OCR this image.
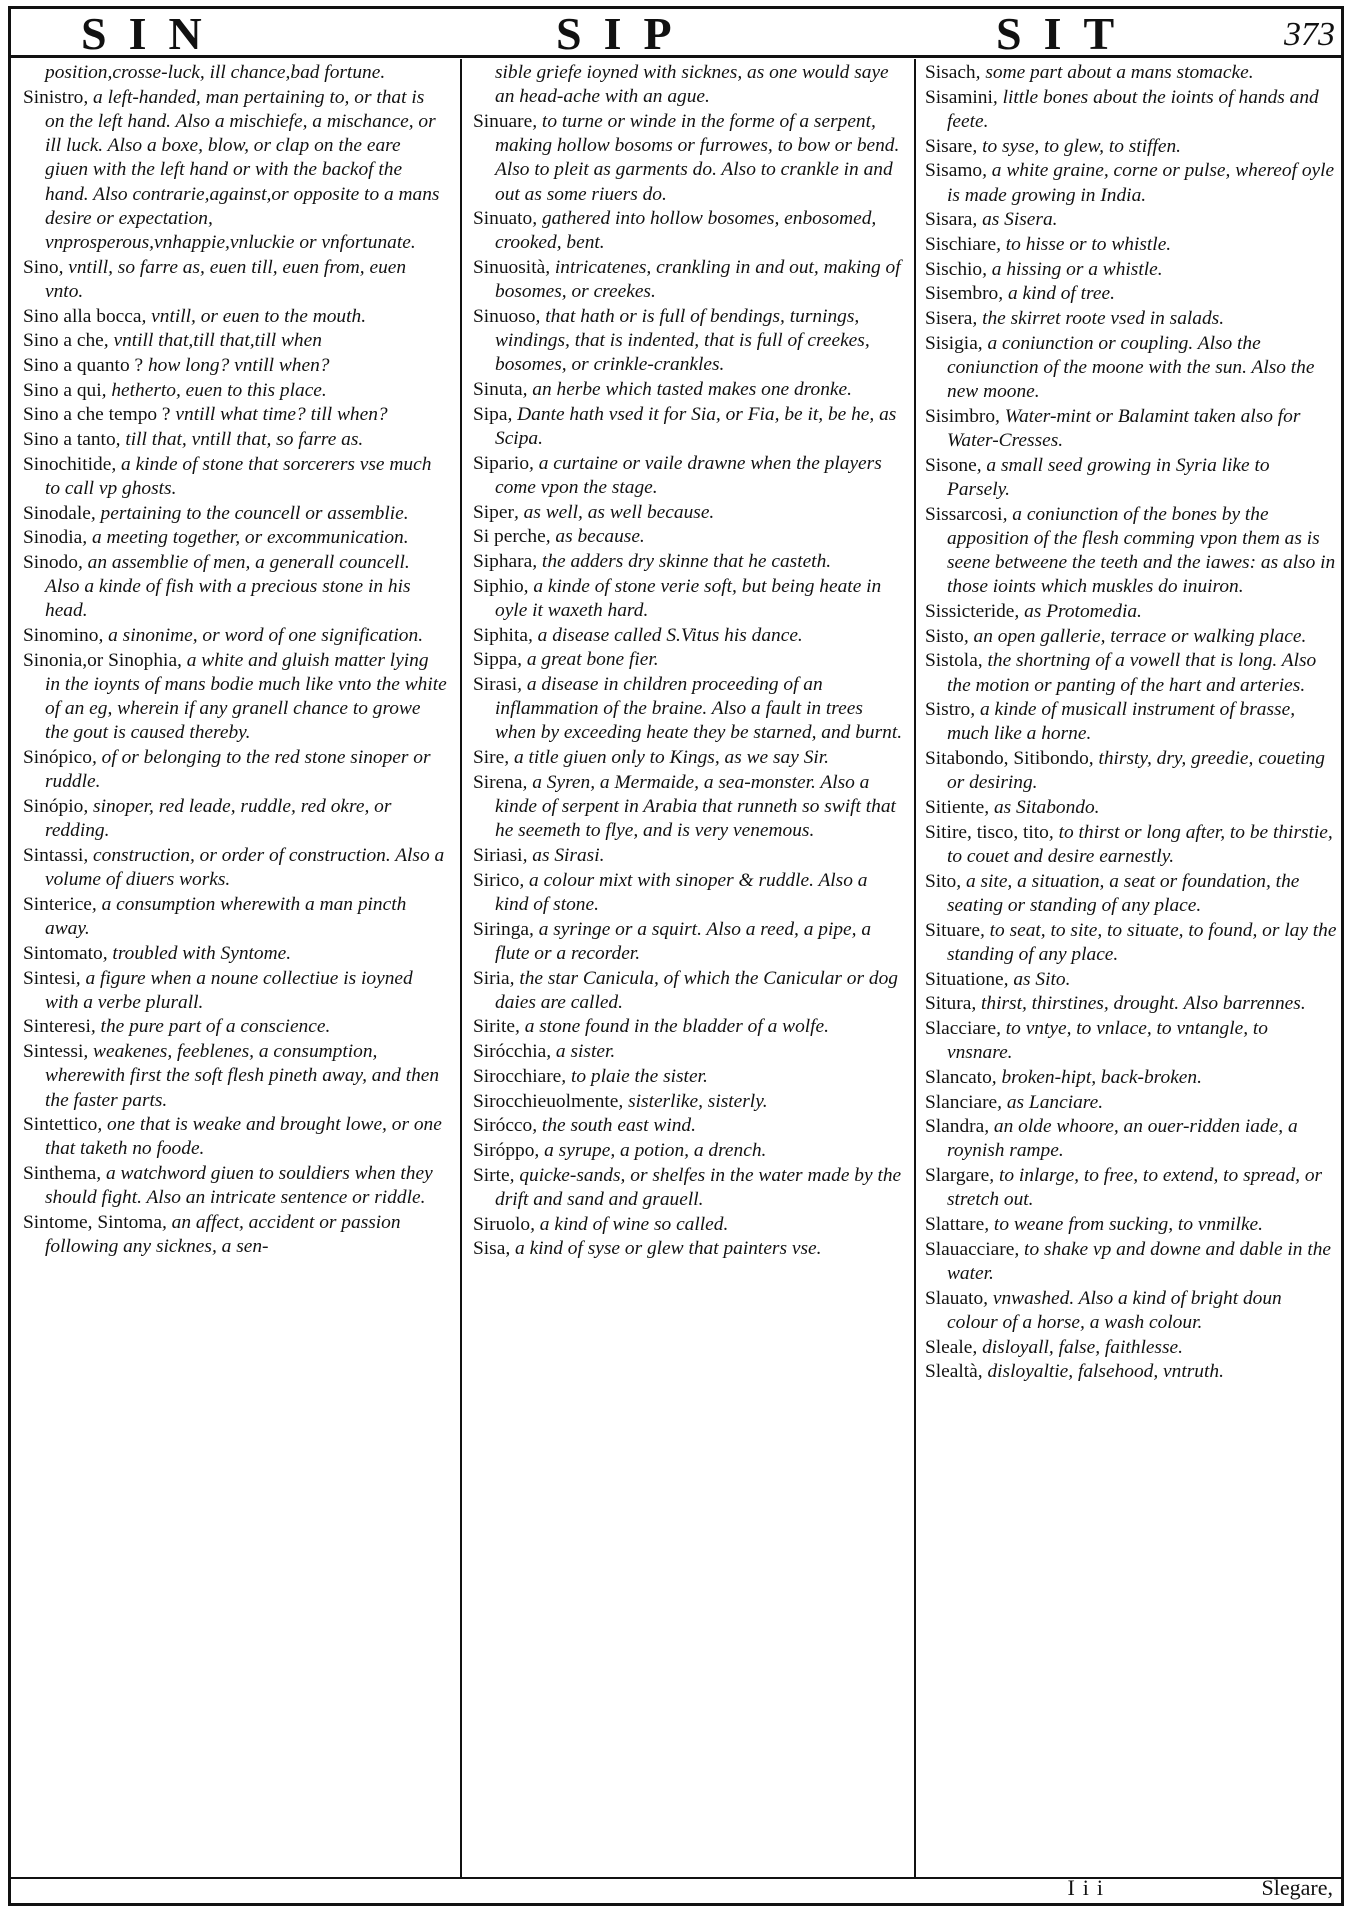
SIN	SIP	SIT	373
position,crosse-luck, ill chance,bad fortune.
Sinistro, a left-handed, man pertaining to, or that is on the left hand. Also a mischiefe, a mischance, or ill luck. Also a boxe, blow, or clap on the eare giuen with the left hand or with the backof the hand. Also contrarie,against,or opposite to a mans desire or expectation, vnprosperous,vnhappie,vnluckie or vnfortunate.
Sino, vntill, so farre as, euen till, euen from, euen vnto.
Sino alla bocca, vntill, or euen to the mouth.
Sino a che, vntill that,till that,till when
Sino a quanto ? how long? vntill when?
Sino a qui, hetherto, euen to this place.
Sino a che tempo ? vntill what time? till when?
Sino a tanto, till that, vntill that, so farre as.
Sinochitide, a kinde of stone that sorcerers vse much to call vp ghosts.
Sinodale, pertaining to the councell or assemblie.
Sinodia, a meeting together, or excommunication.
Sinodo, an assemblie of men, a generall councell. Also a kinde of fish with a precious stone in his head.
Sinomino, a sinonime, or word of one signification.
Sinonia,or Sinophia, a white and gluish matter lying in the ioynts of mans bodie much like vnto the white of an eg, wherein if any granell chance to growe the gout is caused thereby.
Sinópico, of or belonging to the red stone sinoper or ruddle.
Sinópio, sinoper, red leade, ruddle, red okre, or redding.
Sintassi, construction, or order of construction. Also a volume of diuers works.
Sinterice, a consumption wherewith a man pincth away.
Sintomato, troubled with Syntome.
Sintesi, a figure when a noune collectiue is ioyned with a verbe plurall.
Sinteresi, the pure part of a conscience.
Sintessi, weakenes, feeblenes, a consumption, wherewith first the soft flesh pineth away, and then the faster parts.
Sintettico, one that is weake and brought lowe, or one that taketh no foode.
Sinthema, a watchword giuen to souldiers when they should fight. Also an intricate sentence or riddle.
Sintome, Sintoma, an affect, accident or passion following any sicknes, a sen-
sible griefe ioyned with sicknes, as one would saye an head-ache with an ague.
Sinuare, to turne or winde in the forme of a serpent, making hollow bosoms or furrowes, to bow or bend. Also to pleit as garments do. Also to crankle in and out as some riuers do.
Sinuato, gathered into hollow bosomes, enbosomed, crooked, bent.
Sinuosità, intricatenes, crankling in and out, making of bosomes, or creekes.
Sinuoso, that hath or is full of bendings, turnings, windings, that is indented, that is full of creekes, bosomes, or crinkle-crankles.
Sinuta, an herbe which tasted makes one dronke.
Sipa, Dante hath vsed it for Sia, or Fia, be it, be he, as Scipa.
Sipario, a curtaine or vaile drawne when the players come vpon the stage.
Siper, as well, as well because.
Si perche, as because.
Siphara, the adders dry skinne that he casteth.
Siphio, a kinde of stone verie soft, but being heate in oyle it waxeth hard.
Siphita, a disease called S.Vitus his dance.
Sippa, a great bone fier.
Sirasi, a disease in children proceeding of an inflammation of the braine. Also a fault in trees when by exceeding heate they be starned, and burnt.
Sire, a title giuen only to Kings, as we say Sir.
Sirena, a Syren, a Mermaide, a sea-monster. Also a kinde of serpent in Arabia that runneth so swift that he seemeth to flye, and is very venemous.
Siriasi, as Sirasi.
Sirico, a colour mixt with sinoper & ruddle. Also a kind of stone.
Siringa, a syringe or a squirt. Also a reed, a pipe, a flute or a recorder.
Siria, the star Canicula, of which the Canicular or dog daies are called.
Sirite, a stone found in the bladder of a wolfe.
Sirócchia, a sister.
Sirocchiare, to plaie the sister.
Sirocchieuolmente, sisterlike, sisterly.
Sirócco, the south east wind.
Siróppo, a syrupe, a potion, a drench.
Sirte, quicke-sands, or shelfes in the water made by the drift and sand and grauell.
Siruolo, a kind of wine so called.
Sisa, a kind of syse or glew that painters vse.
Sisach, some part about a mans stomacke.
Sisamini, little bones about the ioints of hands and feete.
Sisare, to syse, to glew, to stiffen.
Sisamo, a white graine, corne or pulse, whereof oyle is made growing in India.
Sisara, as Sisera.
Sischiare, to hisse or to whistle.
Sischio, a hissing or a whistle.
Sisembro, a kind of tree.
Sisera, the skirret roote vsed in salads.
Sisigia, a coniunction or coupling. Also the coniunction of the moone with the sun. Also the new moone.
Sisimbro, Water-mint or Balamint taken also for Water-Cresses.
Sisone, a small seed growing in Syria like to Parsely.
Sissarcosi, a coniunction of the bones by the apposition of the flesh comming vpon them as is seene betweene the teeth and the iawes: as also in those ioints which muskles do inuiron.
Sissicteride, as Protomedia.
Sisto, an open gallerie, terrace or walking place.
Sistola, the shortning of a vowell that is long. Also the motion or panting of the hart and arteries.
Sistro, a kinde of musicall instrument of brasse, much like a horne.
Sitabondo, Sitibondo, thirsty, dry, greedie, coueting or desiring.
Sitiente, as Sitabondo.
Sitire, tisco, tito, to thirst or long after, to be thirstie, to couet and desire earnestly.
Sito, a site, a situation, a seat or foundation, the seating or standing of any place.
Situare, to seat, to site, to situate, to found, or lay the standing of any place.
Situatione, as Sito.
Situra, thirst, thirstines, drought. Also barrennes.
Slacciare, to vntye, to vnlace, to vntangle, to vnsnare.
Slancato, broken-hipt, back-broken.
Slanciare, as Lanciare.
Slandra, an olde whoore, an ouer-ridden iade, a roynish rampe.
Slargare, to inlarge, to free, to extend, to spread, or stretch out.
Slattare, to weane from sucking, to vnmilke.
Slauacciare, to shake vp and downe and dable in the water.
Slauato, vnwashed. Also a kind of bright doun colour of a horse, a wash colour.
Sleale, disloyall, false, faithlesse.
Slealtà, disloyaltie, falsehood, vntruth.
Iii	Slegare,
